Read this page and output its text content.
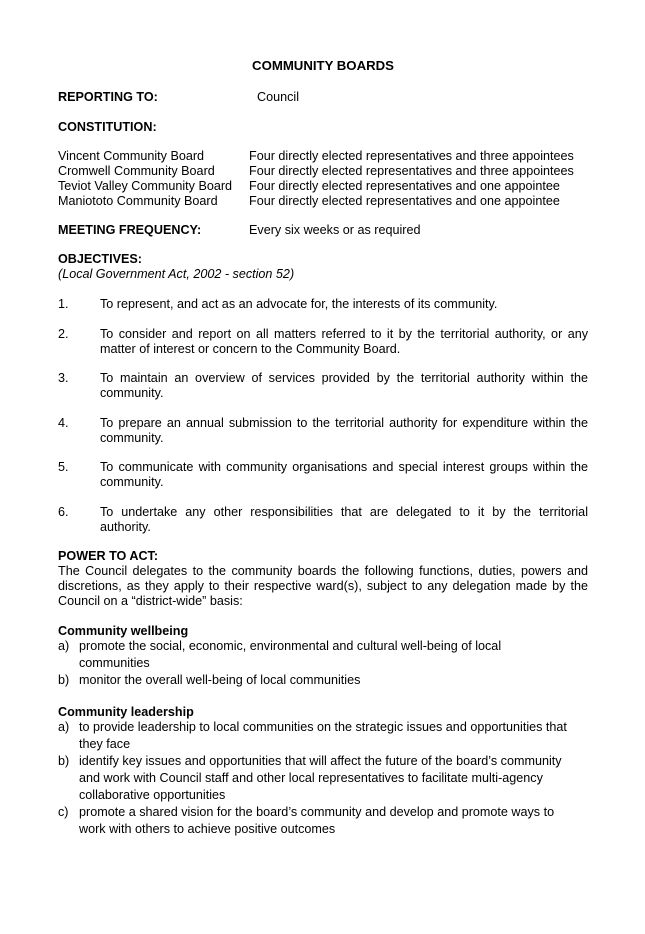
COMMUNITY BOARDS
REPORTING TO:	Council
CONSTITUTION:
Vincent Community Board	Four directly elected representatives and three appointees
Cromwell Community Board	Four directly elected representatives and three appointees
Teviot Valley Community Board Four directly elected representatives and one appointee
Maniototo Community Board Four directly elected representatives and one appointee
MEETING FREQUENCY:	Every six weeks or as required
OBJECTIVES:
(Local Government Act, 2002 - section 52)
1. To represent, and act as an advocate for, the interests of its community.
2. To consider and report on all matters referred to it by the territorial authority, or any matter of interest or concern to the Community Board.
3. To maintain an overview of services provided by the territorial authority within the community.
4. To prepare an annual submission to the territorial authority for expenditure within the community.
5. To communicate with community organisations and special interest groups within the community.
6. To undertake any other responsibilities that are delegated to it by the territorial authority.
POWER TO ACT:
The Council delegates to the community boards the following functions, duties, powers and discretions, as they apply to their respective ward(s), subject to any delegation made by the Council on a “district-wide” basis:
Community wellbeing
a) promote the social, economic, environmental and cultural well-being of local communities
b) monitor the overall well-being of local communities
Community leadership
a) to provide leadership to local communities on the strategic issues and opportunities that they face
b) identify key issues and opportunities that will affect the future of the board’s community and work with Council staff and other local representatives to facilitate multi-agency collaborative opportunities
c) promote a shared vision for the board’s community and develop and promote ways to work with others to achieve positive outcomes
